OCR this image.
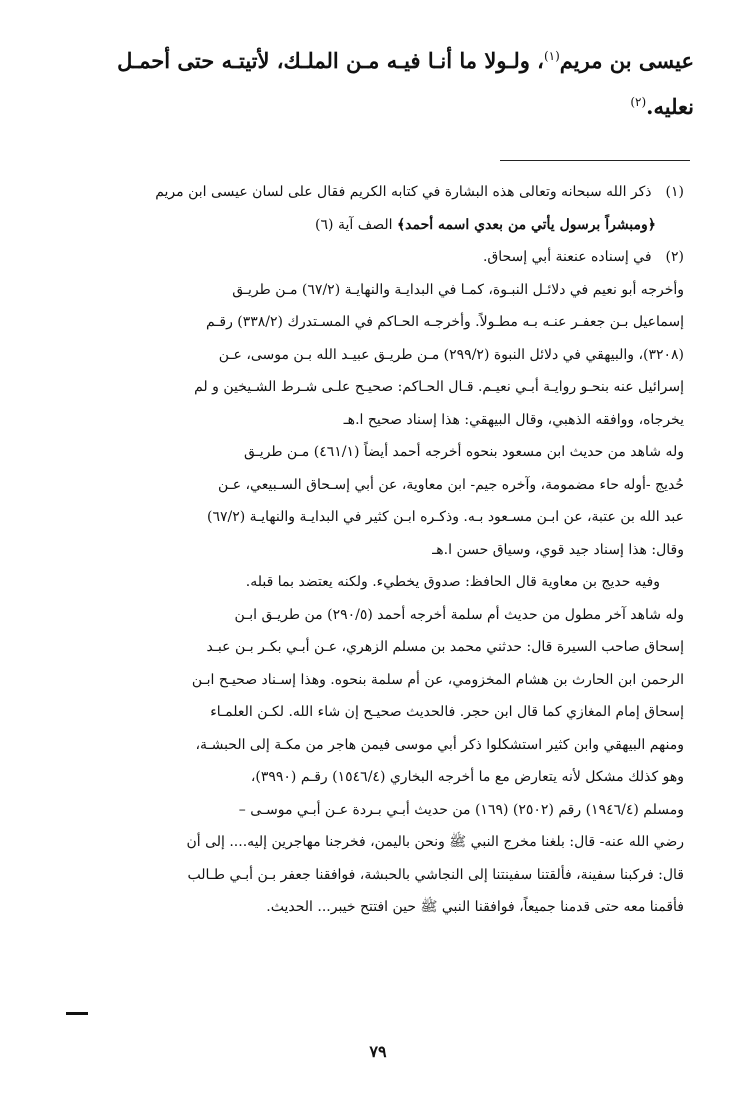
عيسى بن مريم$^{(١)}$، ولـولا ما أنـا فيـه مـن الملـك، لأتيتـه حتى أحمـل
نعليه.$^{(٢)}$

(١) ذكر الله سبحانه وتعالى هذه البشارة في كتابه الكريم فقال على لسان عيسى ابن مريم

﴿ومبشراً برسول يأتي من بعدي اسمه أحمد﴾ الصف آية (٦)

(٢) في إسناده عنعنة أبي إسحاق.

وأخرجه أبو نعيم في دلائـل النبـوة، كمـا في البدايـة والنهايـة (٦٧/٢) مـن طريـق

إسماعيل بـن جعفـر عنـه بـه مطـولاً. وأخرجـه الحـاكم في المسـتدرك (٣٣٨/٢) رقـم

(٣٢٠٨)، والبيهقي في دلائل النبوة (٢٩٩/٢) مـن طريـق عبيـد الله بـن موسى، عـن

إسرائيل عنه بنحـو روايـة أبـي نعيـم. قـال الحـاكم: صحيـح علـى شـرط الشـيخين و لم

يخرجاه، ووافقه الذهبي، وقال البيهقي: هذا إسناد صحيح ا.هـ

وله شاهد من حديث ابن مسعود بنحوه أخرجه أحمد أيضاً (٤٦١/١) مـن طريـق

حُديج -أوله حاء مضمومة، وآخره جيم- ابن معاوية، عن أبي إسـحاق السـبيعي، عـن

عبد الله بن عتبة، عن ابـن مسـعود بـه. وذكـره ابـن كثير في البدايـة والنهايـة (٦٧/٢)

وقال: هذا إسناد جيد قوي، وسياق حسن ا.هـ

وفيه حديج بن معاوية قال الحافظ: صدوق يخطيء. ولكنه يعتضد بما قبله.

وله شاهد آخر مطول من حديث أم سلمة أخرجه أحمد (٢٩٠/٥) من طريـق ابـن

إسحاق صاحب السيرة قال: حدثني محمد بن مسلم الزهري، عـن أبـي بكـر بـن عبـد

الرحمن ابن الحارث بن هشام المخزومي، عن أم سلمة بنحوه. وهذا إسـناد صحيـح ابـن

إسحاق إمام المغازي كما قال ابن حجر. فالحديث صحيـح إن شاء الله. لكـن العلمـاء

ومنهم البيهقي وابن كثير استشكلوا ذكر أبي موسى فيمن هاجر من مكـة إلى الحبشـة،

وهو كذلك مشكل لأنه يتعارض مع ما أخرجه البخاري (١٥٤٦/٤) رقـم (٣٩٩٠)،

ومسلم (١٩٤٦/٤) رقم (٢٥٠٢) (١٦٩) من حديث أبـي بـردة عـن أبـي موسـى –

رضي الله عنه- قال: بلغنا مخرج النبي ﷺ ونحن باليمن، فخرجنا مهاجرين إليه.... إلى أن

قال: فركبنا سفينة، فألقتنا سفينتنا إلى النجاشي بالحبشة، فوافقنا جعفر بـن أبـي طـالب

فأقمنا معه حتى قدمنا جميعاً، فوافقنا النبي ﷺ حين افتتح خيبر... الحديث.

٧٩
